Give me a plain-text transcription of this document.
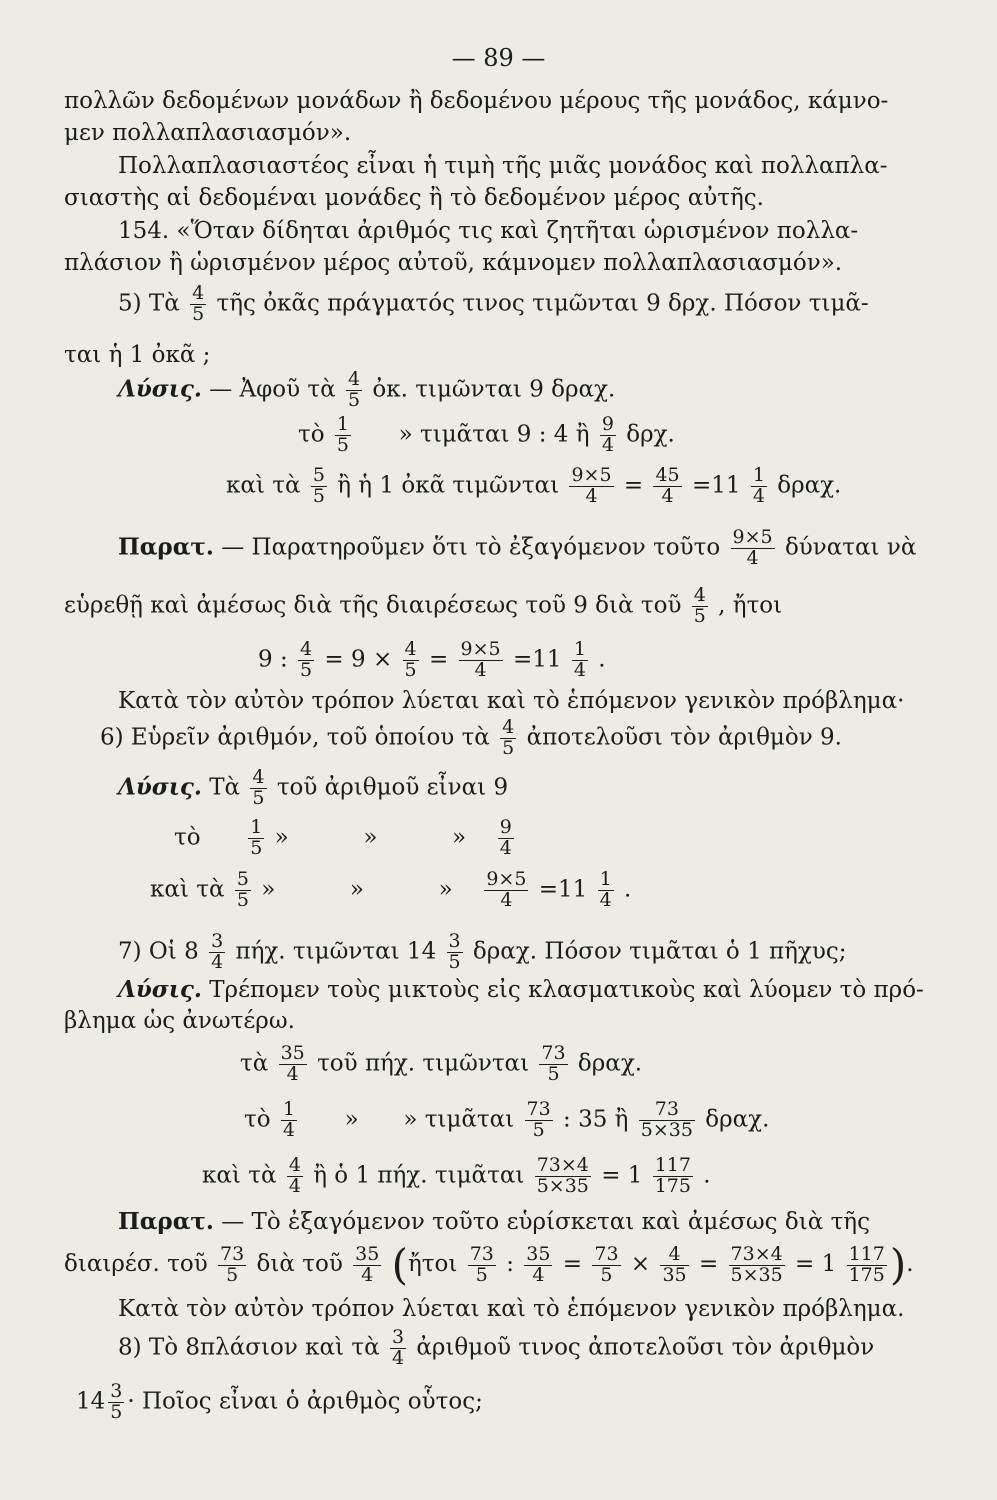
— 89 —
πολλῶν δεδομένων μονάδων ἢ δεδομένου μέρους τῆς μονάδος, κάμνο-
μεν πολλαπλασιασμόν».
Πολλαπλασιαστέος εἶναι ἡ τιμὴ τῆς μιᾶς μονάδος καὶ πολλαπλα-
σιαστὴς αἱ δεδομέναι μονάδες ἢ τὸ δεδομένον μέρος αὐτῆς.
154. «Ὅταν δίδηται ἀριθμός τις καὶ ζητῆται ὡρισμένον πολλα-
πλάσιον ἢ ὡρισμένον μέρος αὐτοῦ, κάμνομεν πολλαπλασιασμόν».
5) Τὰ $\frac{4}{5}$ τῆς ὀκᾶς πράγματός τινος τιμῶνται 9 δρχ. Πόσον τιμᾶ-
ται ἡ 1 ὀκᾶ ;
Λύσις. — Ἀφοῦ τὰ $\frac{4}{5}$ ὀκ. τιμῶνται 9 δραχ.
τὸ $\frac{1}{5}$ » τιμᾶται 9 : 4 ἢ $\frac{9}{4} \delta\rho\chi$.
καὶ τὰ $\frac{5}{5}$ ἢ ἡ 1 ὀκᾶ τιμῶνται $\frac{9\times 5}{4} = \frac{45}{4} =11 \frac{1}{4} \delta\rho\alpha\chi$.
Παρατ. — Παρατηροῦμεν ὅτι τὸ ἐξαγόμενον τοῦτο $\frac{9\times 5}{4}$ δύναται νὰ
εὑρεθῇ καὶ ἀμέσως διὰ τῆς διαιρέσεως τοῦ 9 διὰ τοῦ $\frac{4}{5}$ , ἤτοι
9 : $\frac{4}{5} = 9 \times \frac{4}{5} = \frac{9\times 5}{4} =11 \frac{1}{4}$ .
Κατὰ τὸν αὐτὸν τρόπον λύεται καὶ τὸ ἑπόμενον γενικὸν πρόβλημα·
6) Εὑρεῖν ἀριθμόν, τοῦ ὁποίου τὰ $\frac{4}{5}$ ἀποτελοῦσι τὸν ἀριθμὸν 9.
Λύσις. Τὰ $\frac{4}{5}$ τοῦ ἀριθμοῦ εἶναι 9
τὸ	$\frac{1}{5}$ »	»	» $\frac{9}{4}$
καὶ τὰ $\frac{5}{5}$ »	»	» $\frac{9\times 5}{4} =11 \frac{1}{4}$ .
7) Οἱ $8 \frac{3}{4} \pi ή\chi$. τιμῶνται $14 \frac{3}{5} \delta\rho\alpha\chi$. Πόσον τιμᾶται ὁ 1 πῆχυς;
Λύσις. Τρέπομεν τοὺς μικτοὺς εἰς κλασματικοὺς καὶ λύομεν τὸ πρό-
βλημα ὡς ἀνωτέρω.
τὰ $\frac{35}{4}$ τοῦ πήχ. τιμῶνται $\frac{73}{5} \delta\rho\alpha\chi$.
τὸ $\frac{1}{4}$ » » τιμᾶται $\frac{73}{5}$ : 35 ἢ $\frac{73}{5\times 35} \delta\rho\alpha\chi$.
καὶ τὰ $\frac{4}{4}$ ἢ ὁ 1 πήχ. τιμᾶται $\frac{73\times 4}{5\times 35} = 1 \frac{117}{175}$ .
Παρατ. — Τὸ ἐξαγόμενον τοῦτο εὑρίσκεται καὶ ἀμέσως διὰ τῆς
διαιρέσ. τοῦ $\frac{73}{5}$ διὰ τοῦ $\frac{35}{4}$ (ἤτοι $\frac{73}{5}$ : $\frac{35}{4} = \frac{73}{5} \times \frac{4}{35} = \frac{73\times 4}{5\times 35} = 1 \frac{117}{175}$ ).
Κατὰ τὸν αὐτὸν τρόπον λύεται καὶ τὸ ἑπόμενον γενικὸν πρόβλημα.
8) Τὸ 8πλάσιον καὶ τὰ $\frac{3}{4}$ ἀριθμοῦ τινος ἀποτελοῦσι τὸν ἀριθμὸν
$14 \frac{3}{5}$ · Ποῖος εἶναι ὁ ἀριθμὸς οὗτος;
